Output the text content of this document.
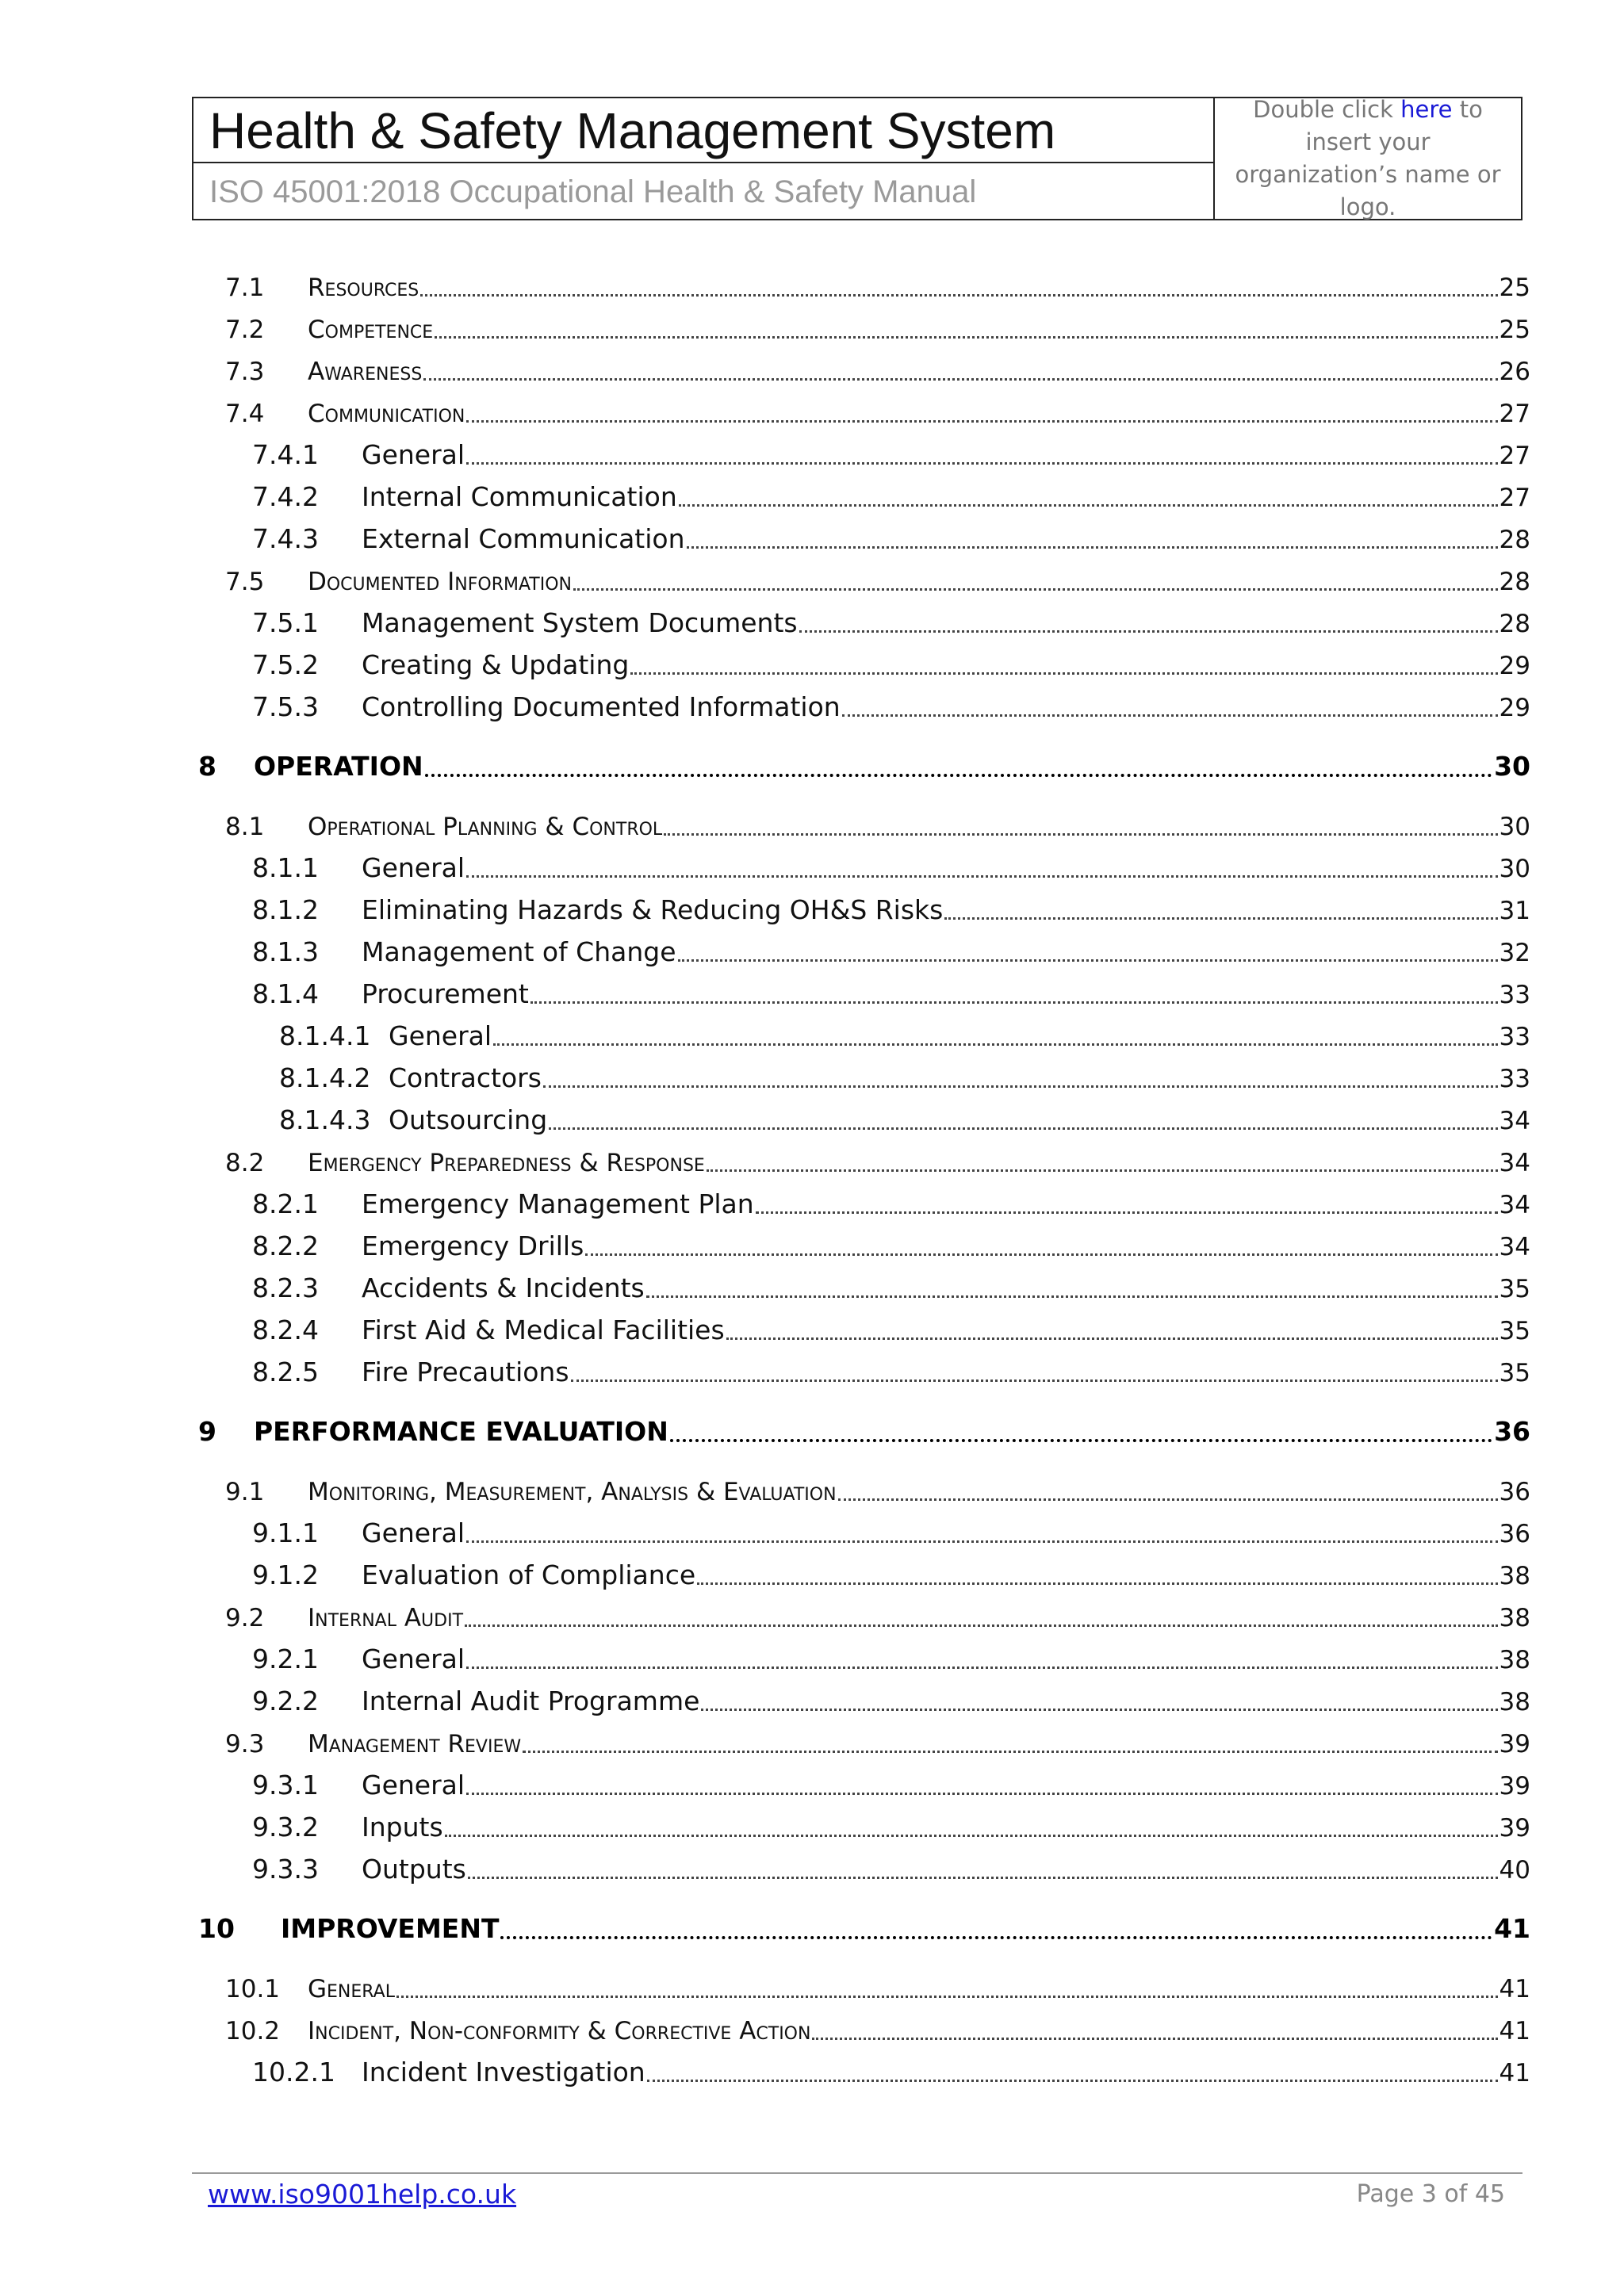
Health & Safety Management System
ISO 45001:2018 Occupational Health & Safety Manual
Double click here to insert your organization’s name or logo.
7.1 Resources	25
7.2 Competence	25
7.3 Awareness	26
7.4 Communication	27
7.4.1 General	27
7.4.2 Internal Communication	27
7.4.3 External Communication	28
7.5 Documented Information	28
7.5.1 Management System Documents	28
7.5.2 Creating & Updating	29
7.5.3 Controlling Documented Information	29
8 OPERATION	30
8.1 Operational Planning & Control	30
8.1.1 General	30
8.1.2 Eliminating Hazards & Reducing OH&S Risks	31
8.1.3 Management of Change	32
8.1.4 Procurement	33
8.1.4.1 General	33
8.1.4.2 Contractors	33
8.1.4.3 Outsourcing	34
8.2 Emergency Preparedness & Response	34
8.2.1 Emergency Management Plan	34
8.2.2 Emergency Drills	34
8.2.3 Accidents & Incidents	35
8.2.4 First Aid & Medical Facilities	35
8.2.5 Fire Precautions	35
9 PERFORMANCE EVALUATION	36
9.1 Monitoring, Measurement, Analysis & Evaluation	36
9.1.1 General	36
9.1.2 Evaluation of Compliance	38
9.2 Internal Audit	38
9.2.1 General	38
9.2.2 Internal Audit Programme	38
9.3 Management Review	39
9.3.1 General	39
9.3.2 Inputs	39
9.3.3 Outputs	40
10 IMPROVEMENT	41
10.1 General	41
10.2 Incident, Non-conformity & Corrective Action	41
10.2.1 Incident Investigation	41
www.iso9001help.co.uk	Page 3 of 45
